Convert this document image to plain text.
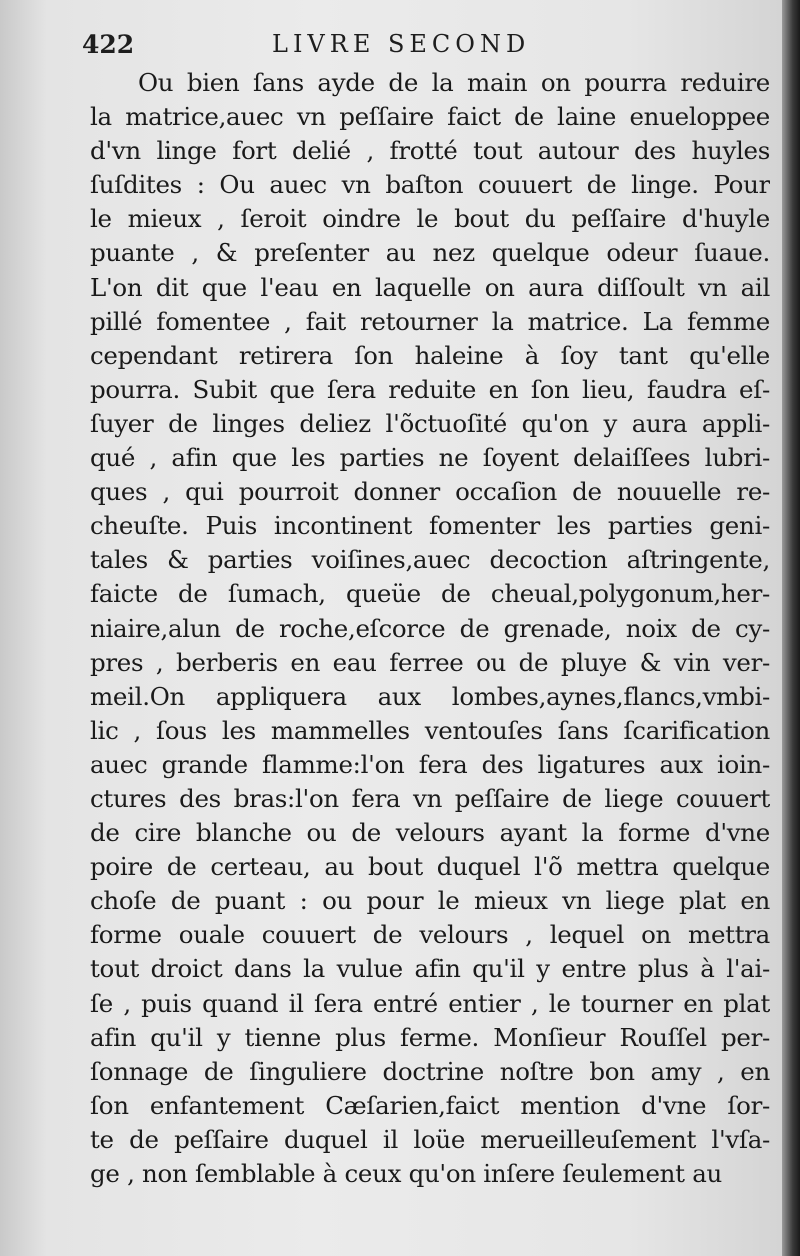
422	LIVRE SECOND
Ou bien ſans ayde de la main on pourra reduire
la matrice,auec vn peſſaire faict de laine enueloppee
d'vn linge fort delié , frotté tout autour des huyles
ſuſdites : Ou auec vn baſton couuert de linge. Pour
le mieux , ſeroit oindre le bout du peſſaire d'huyle
puante , & preſenter au nez quelque odeur ſuaue.
L'on dit que l'eau en laquelle on aura diſſoult vn ail
pillé fomentee , fait retourner la matrice. La femme
cependant retirera ſon haleine à ſoy tant qu'elle
pourra. Subit que ſera reduite en ſon lieu, faudra eſ-
ſuyer de linges deliez l'õctuoſité qu'on y aura appli-
qué , afin que les parties ne ſoyent delaiſſees lubri-
ques , qui pourroit donner occaſion de nouuelle re-
cheuſte. Puis incontinent fomenter les parties geni-
tales & parties voiſines,auec decoction aſtringente,
faicte de ſumach, queüe de cheual,polygonum,her-
niaire,alun de roche,eſcorce de grenade, noix de cy-
pres , berberis en eau ferree ou de pluye & vin ver-
meil.On appliquera aux lombes,aynes,flancs,vmbi-
lic , ſous les mammelles ventouſes ſans ſcarification
auec grande flamme:l'on fera des ligatures aux ioin-
ctures des bras:l'on fera vn peſſaire de liege couuert
de cire blanche ou de velours ayant la forme d'vne
poire de certeau, au bout duquel l'õ mettra quelque
choſe de puant : ou pour le mieux vn liege plat en
forme ouale couuert de velours , lequel on mettra
tout droict dans la vulue afin qu'il y entre plus à l'ai-
ſe , puis quand il ſera entré entier , le tourner en plat
afin qu'il y tienne plus ferme. Monſieur Rouſſel per-
ſonnage de ſinguliere doctrine noſtre bon amy , en
ſon enfantement Cæſarien,faict mention d'vne ſor-
te de peſſaire duquel il loüe merueilleuſement l'vſa-
ge , non ſemblable à ceux qu'on inſere ſeulement au
